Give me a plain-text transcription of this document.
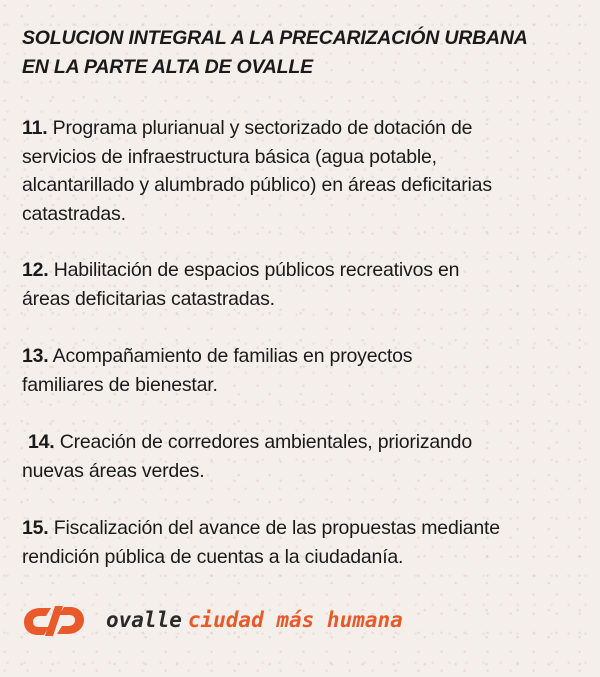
SOLUCION INTEGRAL A LA PRECARIZACIÓN URBANA
EN LA PARTE ALTA DE OVALLE

11. Programa plurianual y sectorizado de dotación de
servicios de infraestructura básica (agua potable,
alcantarillado y alumbrado público) en áreas deficitarias
catastradas.

12. Habilitación de espacios públicos recreativos en
áreas deficitarias catastradas.

13. Acompañamiento de familias en proyectos
familiares de bienestar.

14. Creación de corredores ambientales, priorizando
nuevas áreas verdes.

15. Fiscalización del avance de las propuestas mediante
rendición pública de cuentas a la ciudadanía.

ovalle ciudad más humana
